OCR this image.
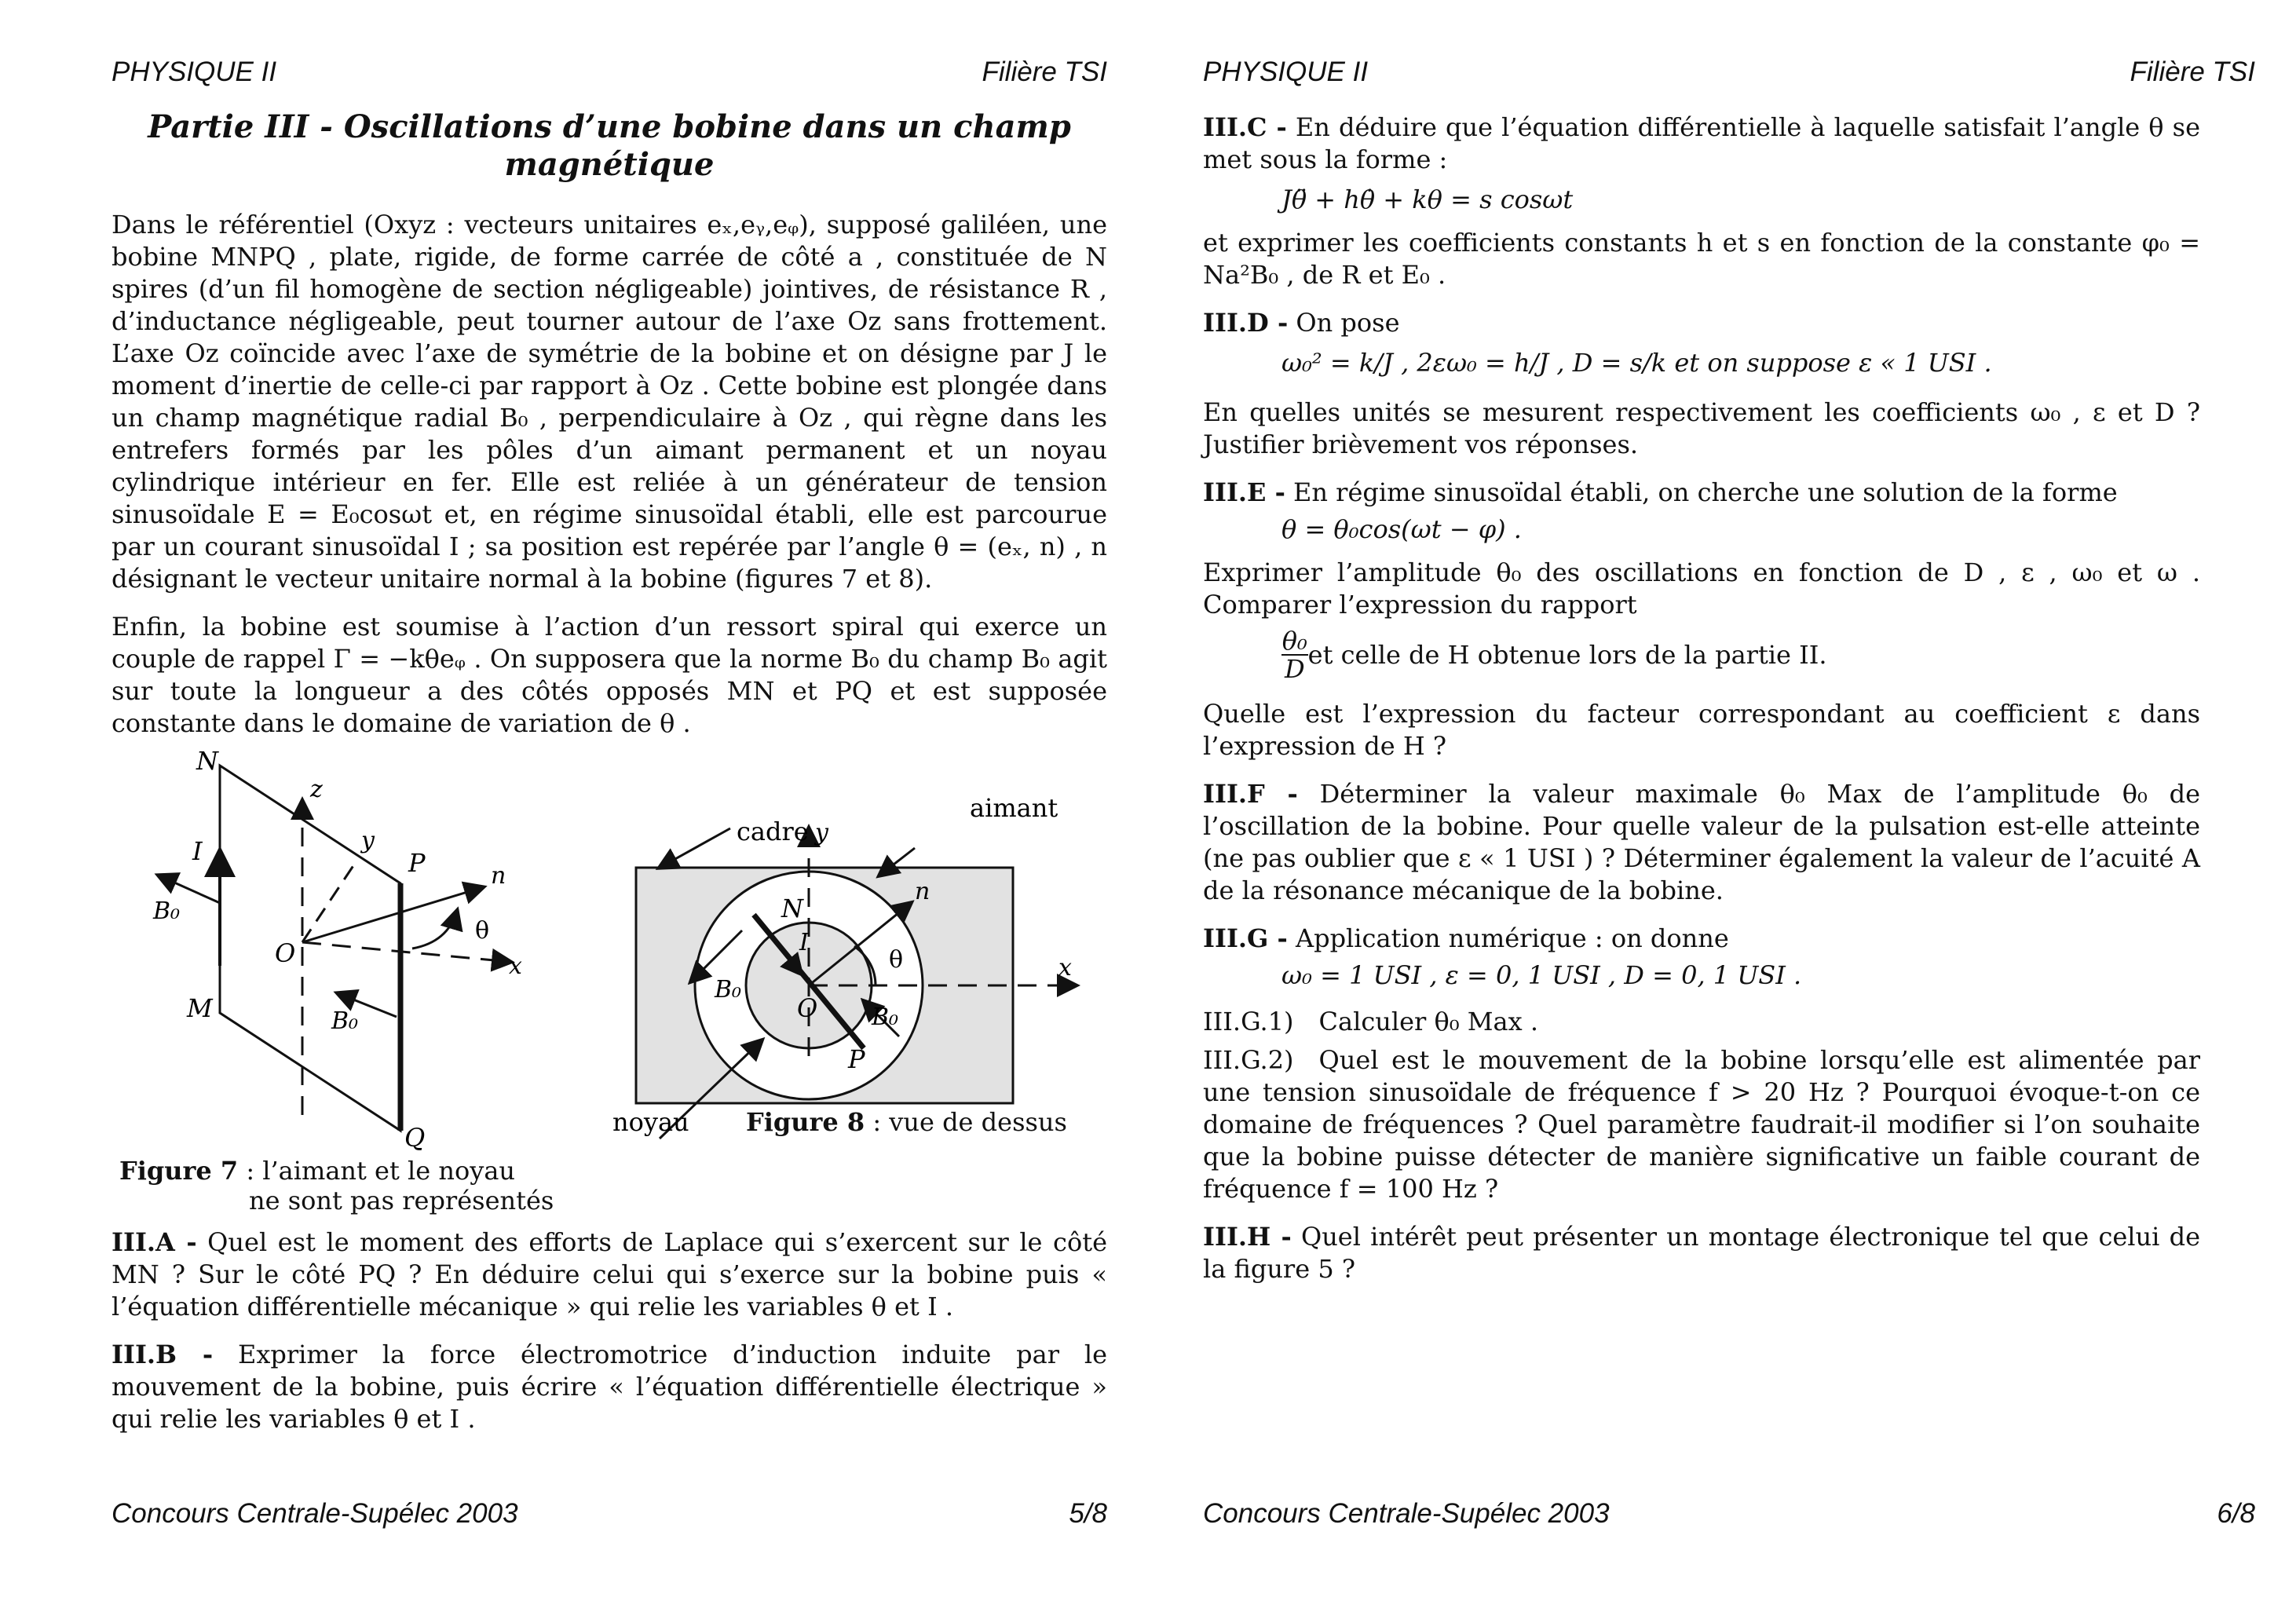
PHYSIQUE II	Filière TSI
Partie III - Oscillations d’une bobine dans un champ
magnétique

Dans le référentiel (Oxyz : vecteurs unitaires eₓ,eᵧ,eᵩ), supposé galiléen, une bobine MNPQ , plate, rigide, de forme carrée de côté a , constituée de N spires (d’un fil homogène de section négligeable) jointives, de résistance R , d’inductance négligeable, peut tourner autour de l’axe Oz sans frottement. L’axe Oz coïncide avec l’axe de symétrie de la bobine et on désigne par J le moment d’inertie de celle-ci par rapport à Oz . Cette bobine est plongée dans un champ magnétique radial B₀ , perpendiculaire à Oz , qui règne dans les entrefers formés par les pôles d’un aimant permanent et un noyau cylindrique intérieur en fer. Elle est reliée à un générateur de tension sinusoïdale E = E₀cosωt et, en régime sinusoïdal établi, elle est parcourue par un courant sinusoïdal I ; sa position est repérée par l’angle θ = (eₓ, n) , n désignant le vecteur unitaire normal à la bobine (figures 7 et 8).

Enfin, la bobine est soumise à l’action d’un ressort spiral qui exerce un couple de rappel Γ = −kθeᵩ . On supposera que la norme B₀ du champ B₀ agit sur toute la longueur a des côtés opposés MN et PQ et est supposée constante dans le domaine de variation de θ .

N
M
P
Q
O
z
y
x
I
B₀
B₀
n
θ
Figure 7 : l’aimant et le noyau
ne sont pas représentés
aimant
cadre y
x
N
I
O
P
B₀
B₀
n
θ
noyau Figure 8 : vue de dessus

III.A - Quel est le moment des efforts de Laplace qui s’exercent sur le côté MN ? Sur le côté PQ ? En déduire celui qui s’exerce sur la bobine puis « l’équation différentielle mécanique » qui relie les variables θ et I .

III.B - Exprimer la force électromotrice d’induction induite par le mouvement de la bobine, puis écrire « l’équation différentielle électrique » qui relie les variables θ et I .

Concours Centrale-Supélec 2003	5/8
PHYSIQUE II	Filière TSI

III.C - En déduire que l’équation différentielle à laquelle satisfait l’angle θ se met sous la forme :

Jθ̈ + hθ̇ + kθ = s cosωt

et exprimer les coefficients constants h et s en fonction de la constante φ₀ = Na²B₀ , de R et E₀ .

III.D - On pose

ω₀² = k/J , 2εω₀ = h/J , D = s/k et on suppose ε « 1 USI .

En quelles unités se mesurent respectivement les coefficients ω₀ , ε et D ? Justifier brièvement vos réponses.

III.E - En régime sinusoïdal établi, on cherche une solution de la forme

θ = θ₀cos(ωt − φ) .

Exprimer l’amplitude θ₀ des oscillations en fonction de D , ε , ω₀ et ω . Comparer l’expression du rapport

$\frac{\text{θ₀}}{D}$ et celle de H obtenue lors de la partie II.

Quelle est l’expression du facteur correspondant au coefficient ε dans l’expression de H ?

III.F - Déterminer la valeur maximale θ₀ Max de l’amplitude θ₀ de l’oscillation de la bobine. Pour quelle valeur de la pulsation est-elle atteinte (ne pas oublier que ε « 1 USI ) ? Déterminer également la valeur de l’acuité A de la résonance mécanique de la bobine.

III.G - Application numérique : on donne

ω₀ = 1 USI , ε = 0, 1 USI , D = 0, 1 USI .

III.G.1) Calculer θ₀ Max .

III.G.2) Quel est le mouvement de la bobine lorsqu’elle est alimentée par une tension sinusoïdale de fréquence f > 20 Hz ? Pourquoi évoque-t-on ce domaine de fréquences ? Quel paramètre faudrait-il modifier si l’on souhaite que la bobine puisse détecter de manière significative un faible courant de fréquence f = 100 Hz ?

III.H - Quel intérêt peut présenter un montage électronique tel que celui de la figure 5 ?

Concours Centrale-Supélec 2003	6/8
